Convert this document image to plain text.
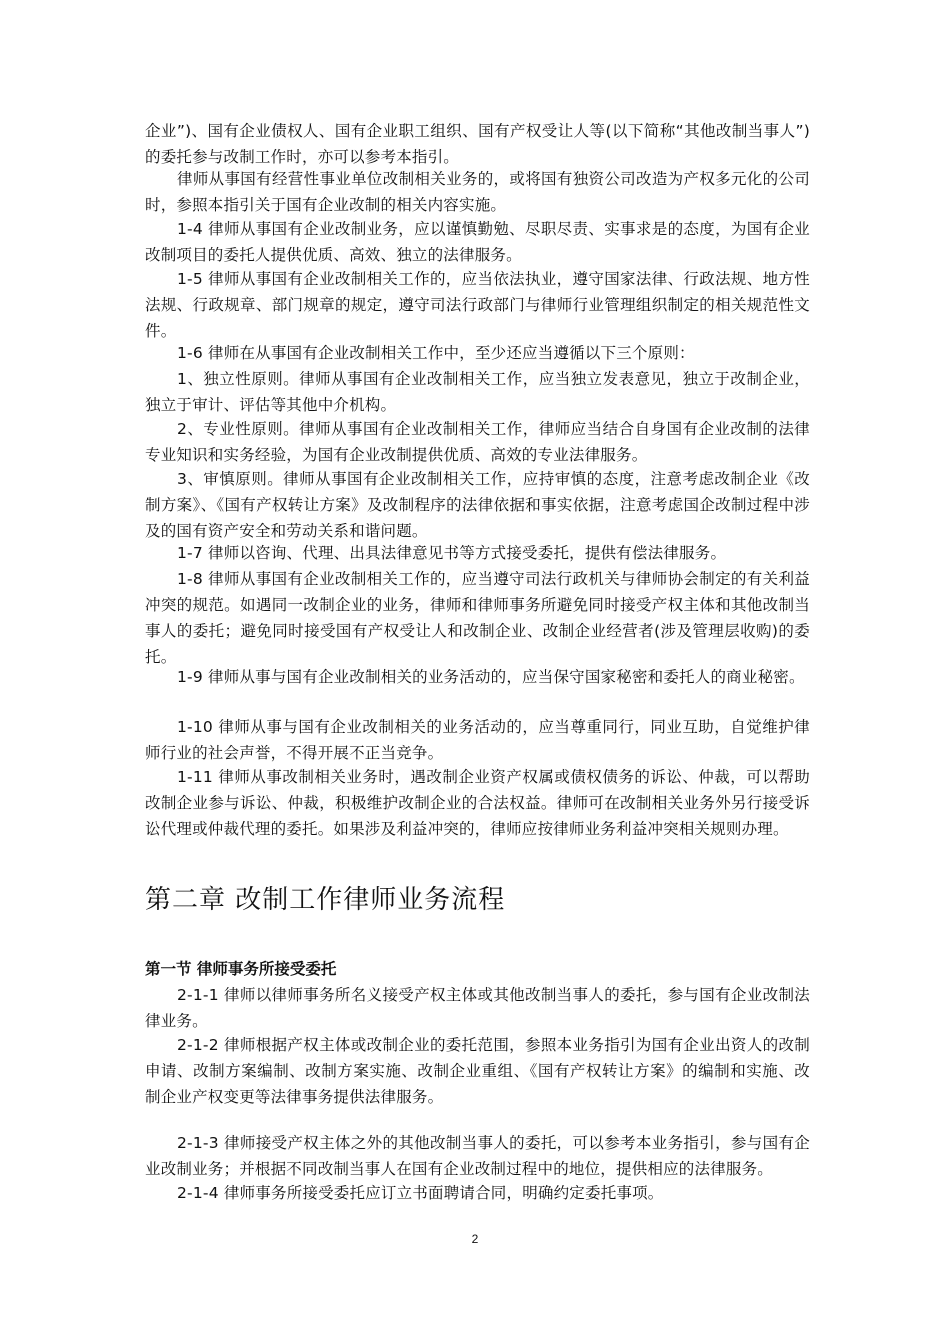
企业”)、国有企业债权人、国有企业职工组织、国有产权受让人等(以下简称“其他改制当事人”)的委托参与改制工作时，亦可以参考本指引。

律师从事国有经营性事业单位改制相关业务的，或将国有独资公司改造为产权多元化的公司时，参照本指引关于国有企业改制的相关内容实施。

1-4 律师从事国有企业改制业务，应以谨慎勤勉、尽职尽责、实事求是的态度，为国有企业改制项目的委托人提供优质、高效、独立的法律服务。

1-5 律师从事国有企业改制相关工作的，应当依法执业，遵守国家法律、行政法规、地方性法规、行政规章、部门规章的规定，遵守司法行政部门与律师行业管理组织制定的相关规范性文件。

1-6 律师在从事国有企业改制相关工作中，至少还应当遵循以下三个原则：

1、独立性原则。律师从事国有企业改制相关工作，应当独立发表意见，独立于改制企业，独立于审计、评估等其他中介机构。

2、专业性原则。律师从事国有企业改制相关工作，律师应当结合自身国有企业改制的法律专业知识和实务经验，为国有企业改制提供优质、高效的专业法律服务。

3、审慎原则。律师从事国有企业改制相关工作，应持审慎的态度，注意考虑改制企业《改制方案》、《国有产权转让方案》及改制程序的法律依据和事实依据，注意考虑国企改制过程中涉及的国有资产安全和劳动关系和谐问题。

1-7 律师以咨询、代理、出具法律意见书等方式接受委托，提供有偿法律服务。

1-8 律师从事国有企业改制相关工作的，应当遵守司法行政机关与律师协会制定的有关利益冲突的规范。如遇同一改制企业的业务，律师和律师事务所避免同时接受产权主体和其他改制当事人的委托；避免同时接受国有产权受让人和改制企业、改制企业经营者(涉及管理层收购)的委托。

1-9 律师从事与国有企业改制相关的业务活动的，应当保守国家秘密和委托人的商业秘密。

1-10 律师从事与国有企业改制相关的业务活动的，应当尊重同行，同业互助，自觉维护律师行业的社会声誉，不得开展不正当竞争。

1-11 律师从事改制相关业务时，遇改制企业资产权属或债权债务的诉讼、仲裁，可以帮助改制企业参与诉讼、仲裁，积极维护改制企业的合法权益。律师可在改制相关业务外另行接受诉讼代理或仲裁代理的委托。如果涉及利益冲突的，律师应按律师业务利益冲突相关规则办理。

第二章 改制工作律师业务流程
第一节 律师事务所接受委托

2-1-1 律师以律师事务所名义接受产权主体或其他改制当事人的委托，参与国有企业改制法律业务。

2-1-2 律师根据产权主体或改制企业的委托范围，参照本业务指引为国有企业出资人的改制申请、改制方案编制、改制方案实施、改制企业重组、《国有产权转让方案》的编制和实施、改制企业产权变更等法律事务提供法律服务。

2-1-3 律师接受产权主体之外的其他改制当事人的委托，可以参考本业务指引，参与国有企业改制业务；并根据不同改制当事人在国有企业改制过程中的地位，提供相应的法律服务。

2-1-4 律师事务所接受委托应订立书面聘请合同，明确约定委托事项。

2
